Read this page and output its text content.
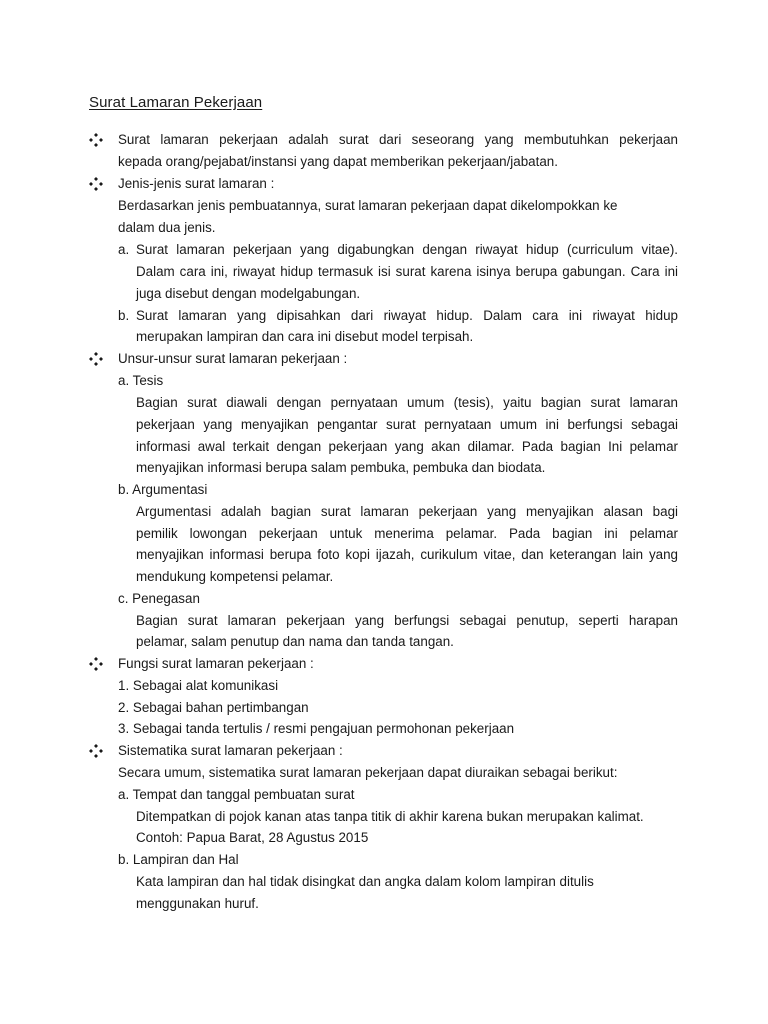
Surat Lamaran Pekerjaan
Surat lamaran pekerjaan adalah surat dari seseorang yang membutuhkan pekerjaan
kepada orang/pejabat/instansi yang dapat memberikan pekerjaan/jabatan.
Jenis-jenis surat lamaran :
Berdasarkan jenis pembuatannya, surat lamaran pekerjaan dapat dikelompokkan ke
dalam dua jenis.
a. Surat lamaran pekerjaan yang digabungkan dengan riwayat hidup (curriculum vitae).
Dalam cara ini, riwayat hidup termasuk isi surat karena isinya berupa gabungan. Cara ini
juga disebut dengan modelgabungan.
b. Surat lamaran yang dipisahkan dari riwayat hidup. Dalam cara ini riwayat hidup
merupakan lampiran dan cara ini disebut model terpisah.
Unsur-unsur surat lamaran pekerjaan :
a. Tesis
Bagian surat diawali dengan pernyataan umum (tesis), yaitu bagian surat lamaran
pekerjaan yang menyajikan pengantar surat pernyataan umum ini berfungsi sebagai
informasi awal terkait dengan pekerjaan yang akan dilamar. Pada bagian Ini pelamar
menyajikan informasi berupa salam pembuka, pembuka dan biodata.
b. Argumentasi
Argumentasi adalah bagian surat lamaran pekerjaan yang menyajikan alasan bagi
pemilik lowongan pekerjaan untuk menerima pelamar. Pada bagian ini pelamar
menyajikan informasi berupa foto kopi ijazah, curikulum vitae, dan keterangan lain yang
mendukung kompetensi pelamar.
c. Penegasan
Bagian surat lamaran pekerjaan yang berfungsi sebagai penutup, seperti harapan
pelamar, salam penutup dan nama dan tanda tangan.
Fungsi surat lamaran pekerjaan :
1. Sebagai alat komunikasi
2. Sebagai bahan pertimbangan
3. Sebagai tanda tertulis / resmi pengajuan permohonan pekerjaan
Sistematika surat lamaran pekerjaan :
Secara umum, sistematika surat lamaran pekerjaan dapat diuraikan sebagai berikut:
a. Tempat dan tanggal pembuatan surat
Ditempatkan di pojok kanan atas tanpa titik di akhir karena bukan merupakan kalimat.
Contoh: Papua Barat, 28 Agustus 2015
b. Lampiran dan Hal
Kata lampiran dan hal tidak disingkat dan angka dalam kolom lampiran ditulis
menggunakan huruf.
